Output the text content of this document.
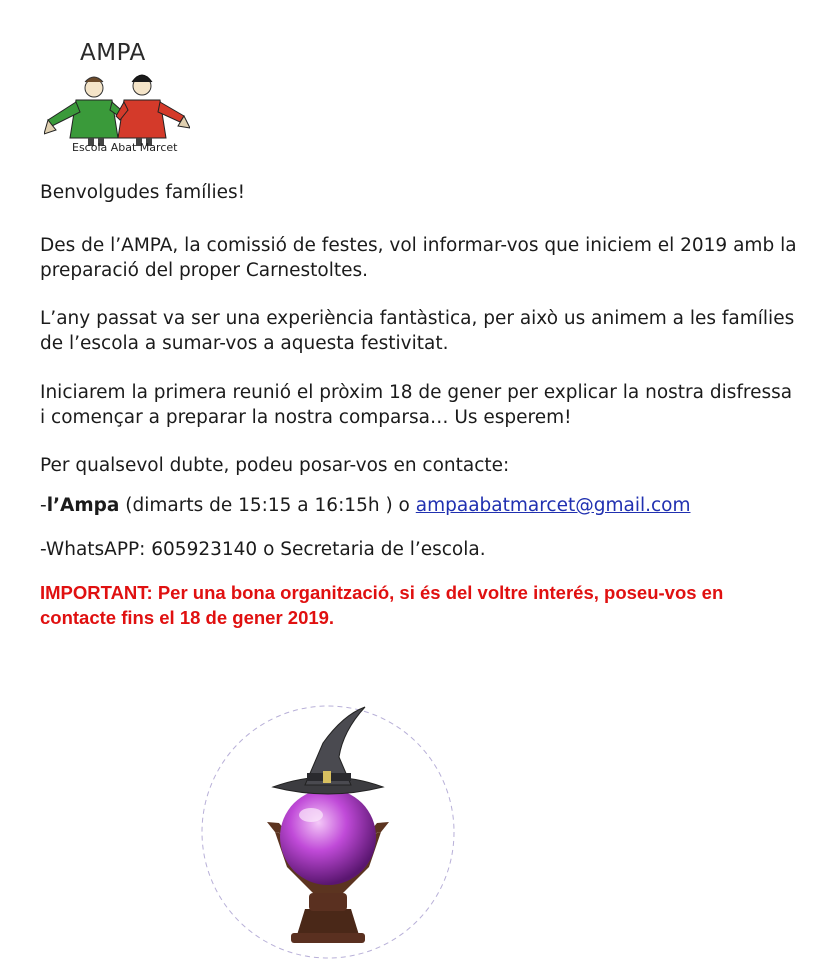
AMPA
Escola Abat Marcet

Benvolgudes famílies!

Des de l’AMPA, la comissió de festes, vol informar-vos que iniciem el 2019 amb la preparació del proper Carnestoltes.

L’any passat va ser una experiència fantàstica, per això us animem a les famílies de l’escola a sumar-vos a aquesta festivitat.

Iniciarem la primera reunió el pròxim 18 de gener per explicar la nostra disfressa i començar a preparar la nostra comparsa… Us esperem!

Per qualsevol dubte, podeu posar-vos en contacte:

-l’Ampa (dimarts de 15:15 a 16:15h ) o ampaabatmarcet@gmail.com

-WhatsAPP: 605923140 o Secretaria de l’escola.

IMPORTANT: Per una bona organització, si és del voltre interés, poseu-vos en contacte fins el 18 de gener 2019.
